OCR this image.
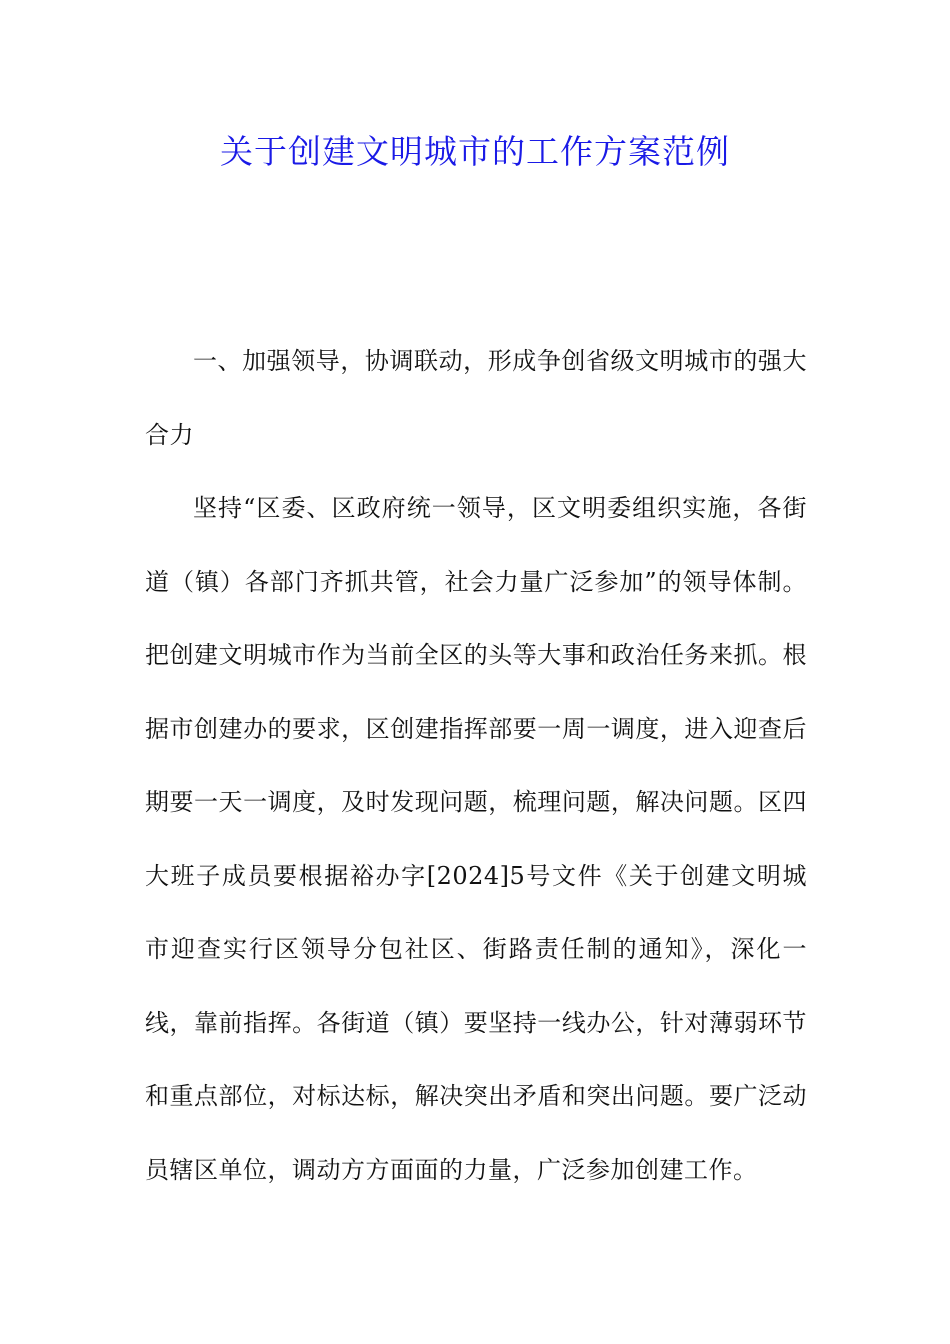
关于创建文明城市的工作方案范例

一、加强领导，协调联动，形成争创省级文明城市的强大合力

坚持“区委、区政府统一领导，区文明委组织实施，各街道（镇）各部门齐抓共管，社会力量广泛参加”的领导体制。把创建文明城市作为当前全区的头等大事和政治任务来抓。根据市创建办的要求，区创建指挥部要一周一调度，进入迎查后期要一天一调度，及时发现问题，梳理问题，解决问题。区四大班子成员要根据裕办字[2024]5号文件《关于创建文明城市迎查实行区领导分包社区、街路责任制的通知》，深化一线，靠前指挥。各街道（镇）要坚持一线办公，针对薄弱环节和重点部位，对标达标，解决突出矛盾和突出问题。要广泛动员辖区单位，调动方方面面的力量，广泛参加创建工作。
